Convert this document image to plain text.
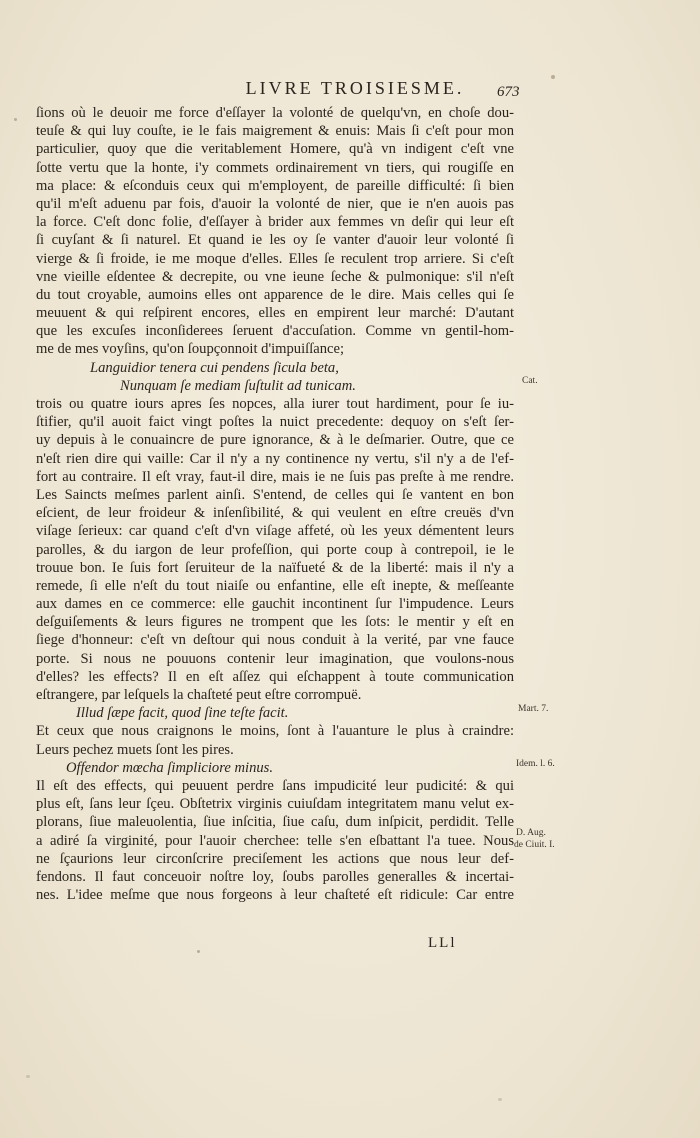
LIVRE TROISIESME.	673
ſions où le deuoir me force d'eſſayer la volonté de quelqu'vn, en choſe dou-
teuſe & qui luy couſte, ie le fais maigrement & enuis: Mais ſi c'eſt pour mon
particulier, quoy que die veritablement Homere, qu'à vn indigent c'eſt vne
ſotte vertu que la honte, i'y commets ordinairement vn tiers, qui rougiſſe en
ma place: & eſconduis ceux qui m'employent, de pareille difficulté: ſi bien
qu'il m'eſt aduenu par fois, d'auoir la volonté de nier, que ie n'en auois pas
la force. C'eſt donc folie, d'eſſayer à brider aux femmes vn deſir qui leur eſt
ſi cuyſant & ſi naturel. Et quand ie les oy ſe vanter d'auoir leur volonté ſi
vierge & ſi froide, ie me moque d'elles. Elles ſe reculent trop arriere. Si c'eſt
vne vieille eſdentee & decrepite, ou vne ieune ſeche & pulmonique: s'il n'eſt
du tout croyable, aumoins elles ont apparence de le dire. Mais celles qui ſe
meuuent & qui reſpirent encores, elles en empirent leur marché: D'autant
que les excuſes inconſiderees ſeruent d'accuſation. Comme vn gentil-hom-
me de mes voyſins, qu'on ſoupçonnoit d'impuiſſance;
Languidior tenera cui pendens ſicula beta,
Nunquam ſe mediam ſuſtulit ad tunicam.
trois ou quatre iours apres ſes nopces, alla iurer tout hardiment, pour ſe iu-
ſtifier, qu'il auoit faict vingt poſtes la nuict precedente: dequoy on s'eſt ſer-
uy depuis à le conuaincre de pure ignorance, & à le deſmarier. Outre, que ce
n'eſt rien dire qui vaille: Car il n'y a ny continence ny vertu, s'il n'y a de l'ef-
fort au contraire. Il eſt vray, faut-il dire, mais ie ne ſuis pas preſte à me rendre.
Les Saincts meſmes parlent ainſi. S'entend, de celles qui ſe vantent en bon
eſcient, de leur froideur & inſenſibilité, & qui veulent en eſtre creuës d'vn
viſage ſerieux: car quand c'eſt d'vn viſage affeté, où les yeux démentent leurs
parolles, & du iargon de leur profeſſion, qui porte coup à contrepoil, ie le
trouue bon. Ie ſuis fort ſeruiteur de la naïfueté & de la liberté: mais il n'y a
remede, ſi elle n'eſt du tout niaiſe ou enfantine, elle eſt inepte, & meſſeante
aux dames en ce commerce: elle gauchit incontinent ſur l'impudence. Leurs
deſguiſements & leurs figures ne trompent que les ſots: le mentir y eſt en
ſiege d'honneur: c'eſt vn deſtour qui nous conduit à la verité, par vne fauce
porte. Si nous ne pouuons contenir leur imagination, que voulons-nous
d'elles? les effects? Il en eſt aſſez qui eſchappent à toute communication
eſtrangere, par leſquels la chaſteté peut eſtre corrompuë.
Illud ſæpe facit, quod ſine teſte facit.
Et ceux que nous craignons le moins, ſont à l'auanture le plus à craindre:
Leurs pechez muets ſont les pires.
Offendor mœcha ſimpliciore minus.
Il eſt des effects, qui peuuent perdre ſans impudicité leur pudicité: & qui
plus eſt, ſans leur ſçeu. Obſtetrix virginis cuiuſdam integritatem manu velut ex-
plorans, ſiue maleuolentia, ſiue inſcitia, ſiue caſu, dum inſpicit, perdidit. Telle
a adiré ſa virginité, pour l'auoir cherchee: telle s'en eſbattant l'a tuee. Nous
ne ſçaurions leur circonſcrire preciſement les actions que nous leur def-
fendons. Il faut conceuoir noſtre loy, ſoubs parolles generalles & incertai-
nes. L'idee meſme que nous forgeons à leur chaſteté eſt ridicule: Car entre
Cat.
Mart. 7.
Idem. l. 6.
D. Aug.
de Ciuit. I.
LLl
